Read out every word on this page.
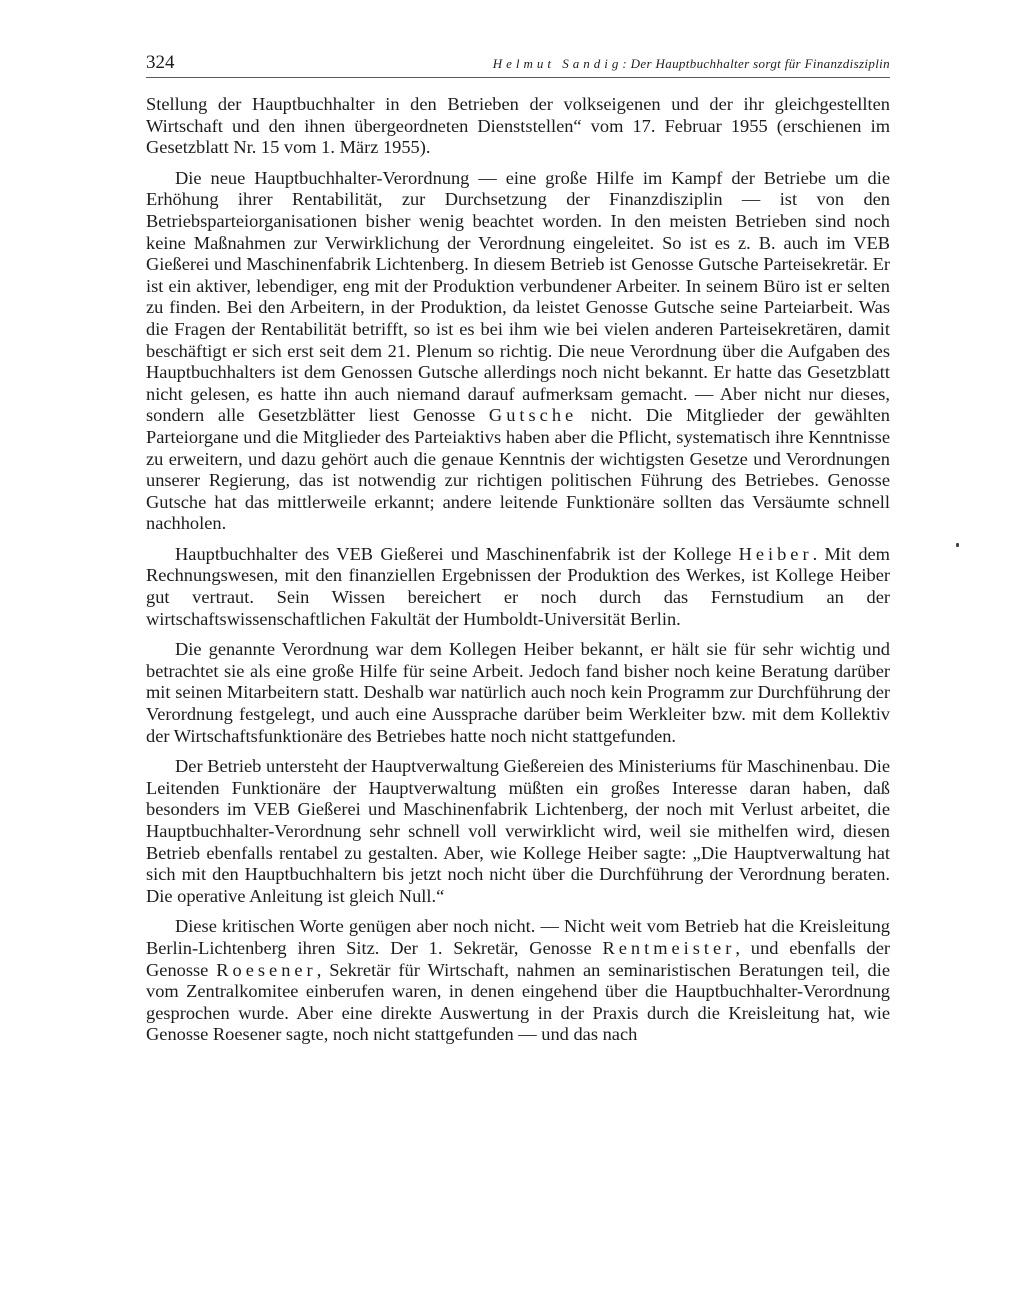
324	Helmut Sandig: Der Hauptbuchhalter sorgt für Finanzdisziplin

Stellung der Hauptbuchhalter in den Betrieben der volkseigenen und der ihr gleichgestellten Wirtschaft und den ihnen übergeordneten Dienststellen“ vom 17. Februar 1955 (erschienen im Gesetzblatt Nr. 15 vom 1. März 1955).

Die neue Hauptbuchhalter-Verordnung — eine große Hilfe im Kampf der Betriebe um die Erhöhung ihrer Rentabilität, zur Durchsetzung der Finanzdisziplin — ist von den Betriebsparteiorganisationen bisher wenig beachtet worden. In den meisten Betrieben sind noch keine Maßnahmen zur Verwirklichung der Verordnung eingeleitet. So ist es z. B. auch im VEB Gießerei und Maschinenfabrik Lichtenberg. In diesem Betrieb ist Genosse Gutsche Parteisekretär. Er ist ein aktiver, lebendiger, eng mit der Produktion verbundener Arbeiter. In seinem Büro ist er selten zu finden. Bei den Arbeitern, in der Produktion, da leistet Genosse Gutsche seine Parteiarbeit. Was die Fragen der Rentabilität betrifft, so ist es bei ihm wie bei vielen anderen Parteisekretären, damit beschäftigt er sich erst seit dem 21. Plenum so richtig. Die neue Verordnung über die Aufgaben des Hauptbuchhalters ist dem Genossen Gutsche allerdings noch nicht bekannt. Er hatte das Gesetzblatt nicht gelesen, es hatte ihn auch niemand darauf aufmerksam gemacht. — Aber nicht nur dieses, sondern alle Gesetzblätter liest Genosse Gutsche nicht. Die Mitglieder der gewählten Parteiorgane und die Mitglieder des Parteiaktivs haben aber die Pflicht, systematisch ihre Kenntnisse zu erweitern, und dazu gehört auch die genaue Kenntnis der wichtigsten Gesetze und Verordnungen unserer Regierung, das ist notwendig zur richtigen politischen Führung des Betriebes. Genosse Gutsche hat das mittlerweile erkannt; andere leitende Funktionäre sollten das Versäumte schnell nachholen.

Hauptbuchhalter des VEB Gießerei und Maschinenfabrik ist der Kollege Heiber. Mit dem Rechnungswesen, mit den finanziellen Ergebnissen der Produktion des Werkes, ist Kollege Heiber gut vertraut. Sein Wissen bereichert er noch durch das Fernstudium an der wirtschaftswissenschaftlichen Fakultät der Humboldt-Universität Berlin.

Die genannte Verordnung war dem Kollegen Heiber bekannt, er hält sie für sehr wichtig und betrachtet sie als eine große Hilfe für seine Arbeit. Jedoch fand bisher noch keine Beratung darüber mit seinen Mitarbeitern statt. Deshalb war natürlich auch noch kein Programm zur Durchführung der Verordnung festgelegt, und auch eine Aussprache darüber beim Werkleiter bzw. mit dem Kollektiv der Wirtschaftsfunktionäre des Betriebes hatte noch nicht stattgefunden.

Der Betrieb untersteht der Hauptverwaltung Gießereien des Ministeriums für Maschinenbau. Die Leitenden Funktionäre der Hauptverwaltung müßten ein großes Interesse daran haben, daß besonders im VEB Gießerei und Maschinenfabrik Lichtenberg, der noch mit Verlust arbeitet, die Hauptbuchhalter-Verordnung sehr schnell voll verwirklicht wird, weil sie mithelfen wird, diesen Betrieb ebenfalls rentabel zu gestalten. Aber, wie Kollege Heiber sagte: „Die Hauptverwaltung hat sich mit den Hauptbuchhaltern bis jetzt noch nicht über die Durchführung der Verordnung beraten. Die operative Anleitung ist gleich Null.“

Diese kritischen Worte genügen aber noch nicht. — Nicht weit vom Betrieb hat die Kreisleitung Berlin-Lichtenberg ihren Sitz. Der 1. Sekretär, Genosse Rentmeister, und ebenfalls der Genosse Roesener, Sekretär für Wirtschaft, nahmen an seminaristischen Beratungen teil, die vom Zentralkomitee einberufen waren, in denen eingehend über die Hauptbuchhalter-Verordnung gesprochen wurde. Aber eine direkte Auswertung in der Praxis durch die Kreisleitung hat, wie Genosse Roesener sagte, noch nicht stattgefunden — und das nach
